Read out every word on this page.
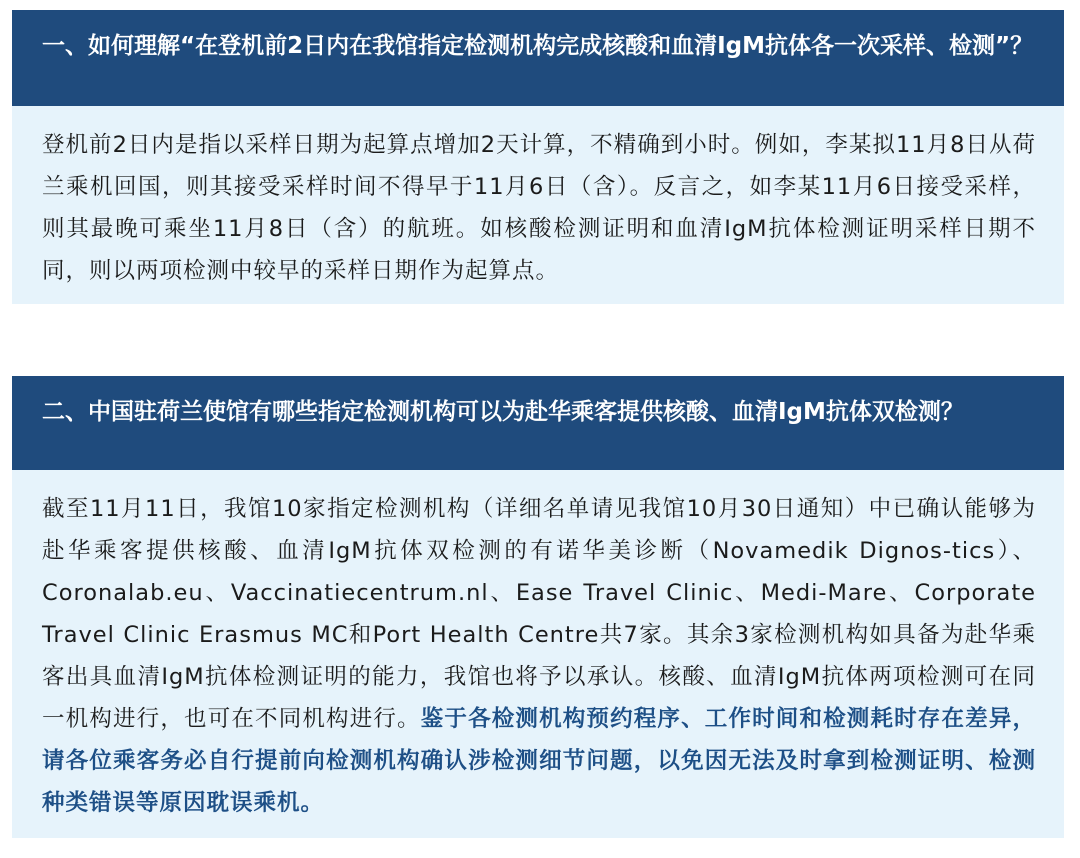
一、如何理解“在登机前2日内在我馆指定检测机构完成核酸和血清IgM抗体各一次采样、检测”？
登机前2日内是指以采样日期为起算点增加2天计算，不精确到小时。例如，李某拟11月8日从荷兰乘机回国，则其接受采样时间不得早于11月6日（含）。反言之，如李某11月6日接受采样，则其最晚可乘坐11月8日（含）的航班。如核酸检测证明和血清IgM抗体检测证明采样日期不同，则以两项检测中较早的采样日期作为起算点。
二、中国驻荷兰使馆有哪些指定检测机构可以为赴华乘客提供核酸、血清IgM抗体双检测？
截至11月11日，我馆10家指定检测机构（详细名单请见我馆10月30日通知）中已确认能够为赴华乘客提供核酸、血清IgM抗体双检测的有诺华美诊断（Novamedik Dignos-tics）、Coronalab.eu、Vaccinatiecentrum.nl、Ease Travel Clinic、Medi-Mare、Corporate Travel Clinic Erasmus MC和Port Health Centre共7家。其余3家检测机构如具备为赴华乘客出具血清IgM抗体检测证明的能力，我馆也将予以承认。核酸、血清IgM抗体两项检测可在同一机构进行，也可在不同机构进行。鉴于各检测机构预约程序、工作时间和检测耗时存在差异，请各位乘客务必自行提前向检测机构确认涉检测细节问题，以免因无法及时拿到检测证明、检测种类错误等原因耽误乘机。
